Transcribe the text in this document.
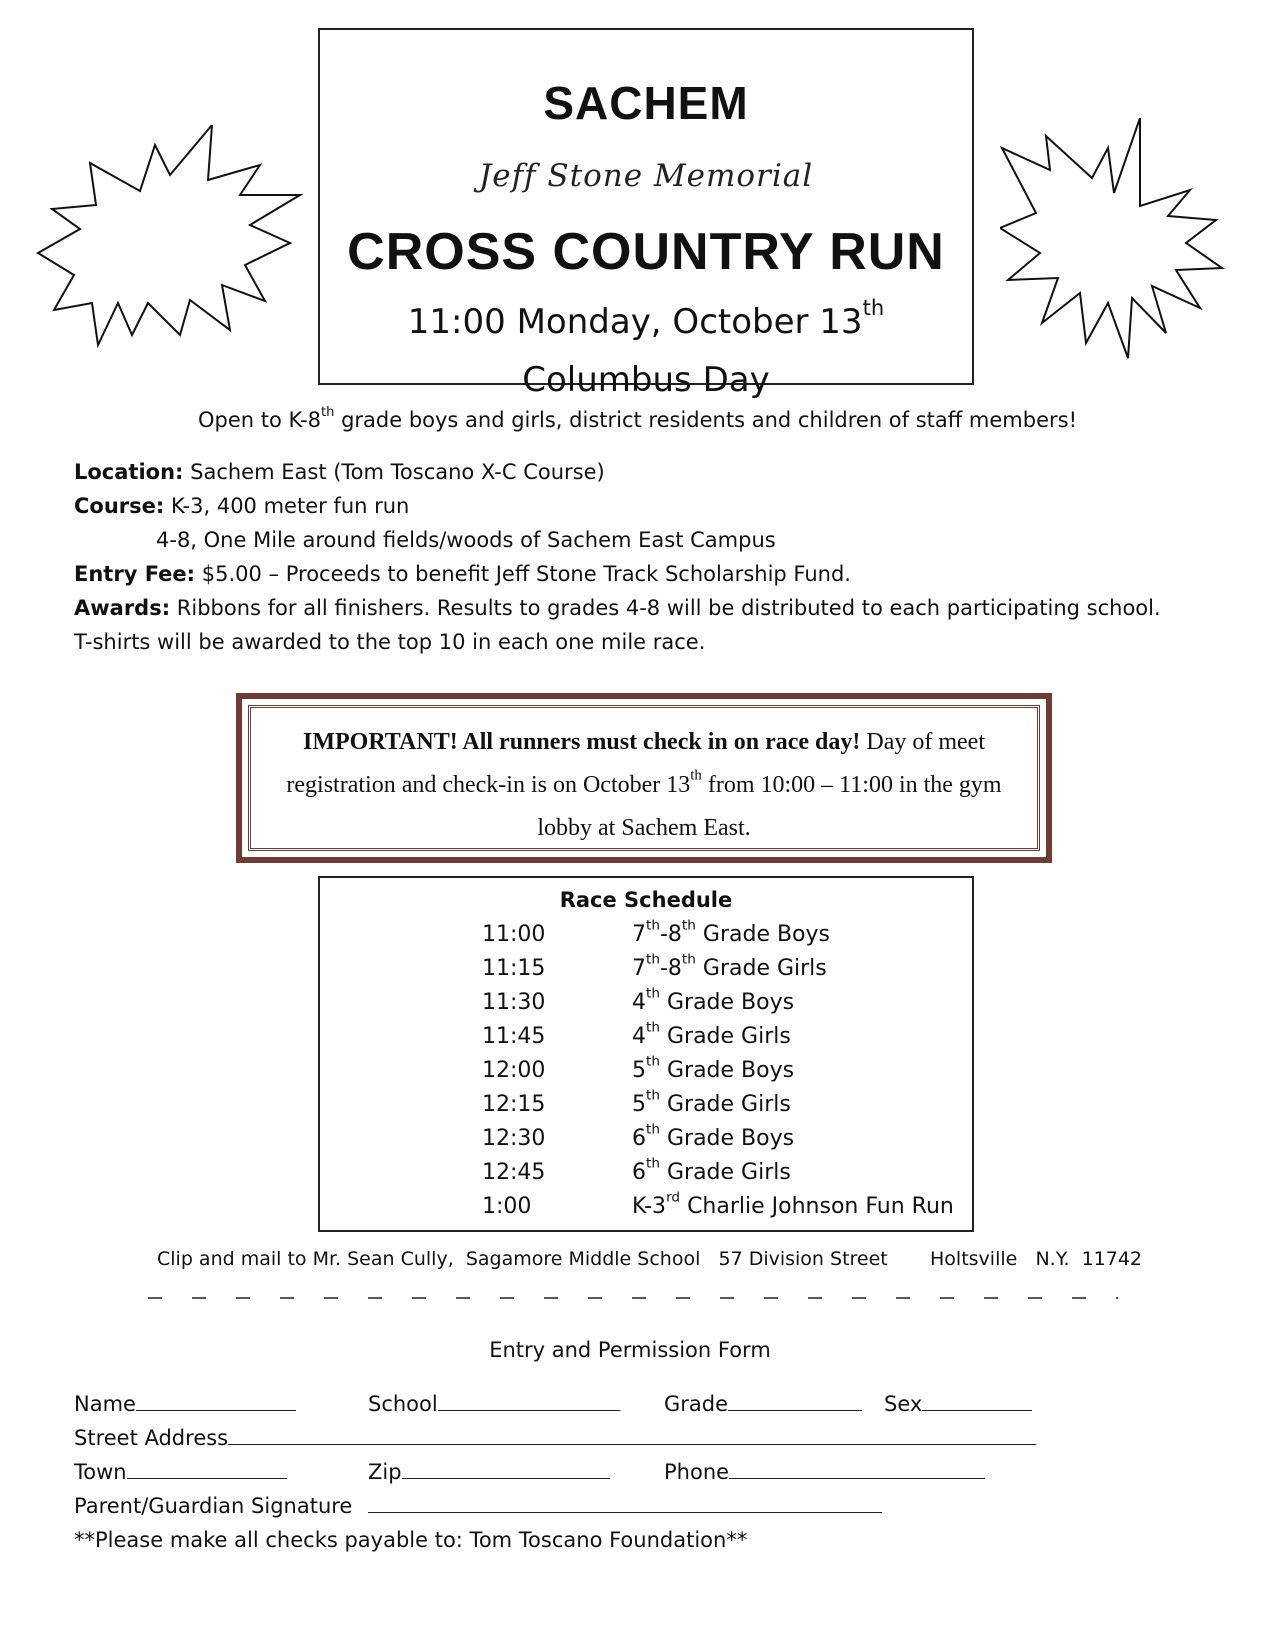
SACHEM
Jeff Stone Memorial
CROSS COUNTRY RUN
11:00 Monday, October 13th
Columbus Day
Open to K-8th grade boys and girls, district residents and children of staff members!
Location: Sachem East (Tom Toscano X-C Course)
Course: K-3, 400 meter fun run
4-8, One Mile around fields/woods of Sachem East Campus
Entry Fee: $5.00 – Proceeds to benefit Jeff Stone Track Scholarship Fund.
Awards: Ribbons for all finishers. Results to grades 4-8 will be distributed to each participating school.
T-shirts will be awarded to the top 10 in each one mile race.
IMPORTANT! All runners must check in on race day! Day of meet registration and check-in is on October 13th from 10:00 – 11:00 in the gym lobby at Sachem East.
Race Schedule
11:00	7th-8th Grade Boys
11:15	7th-8th Grade Girls
11:30	4th Grade Boys
11:45	4th Grade Girls
12:00	5th Grade Boys
12:15	5th Grade Girls
12:30	6th Grade Boys
12:45	6th Grade Girls
1:00	K-3rd Charlie Johnson Fun Run
Clip and mail to Mr. Sean Cully,  Sagamore Middle School   57 Division Street       Holtsville   N.Y.  11742
Entry and Permission Form
Name	School	Grade	Sex
Street Address
Town	Zip	Phone
Parent/Guardian Signature
**Please make all checks payable to: Tom Toscano Foundation**
